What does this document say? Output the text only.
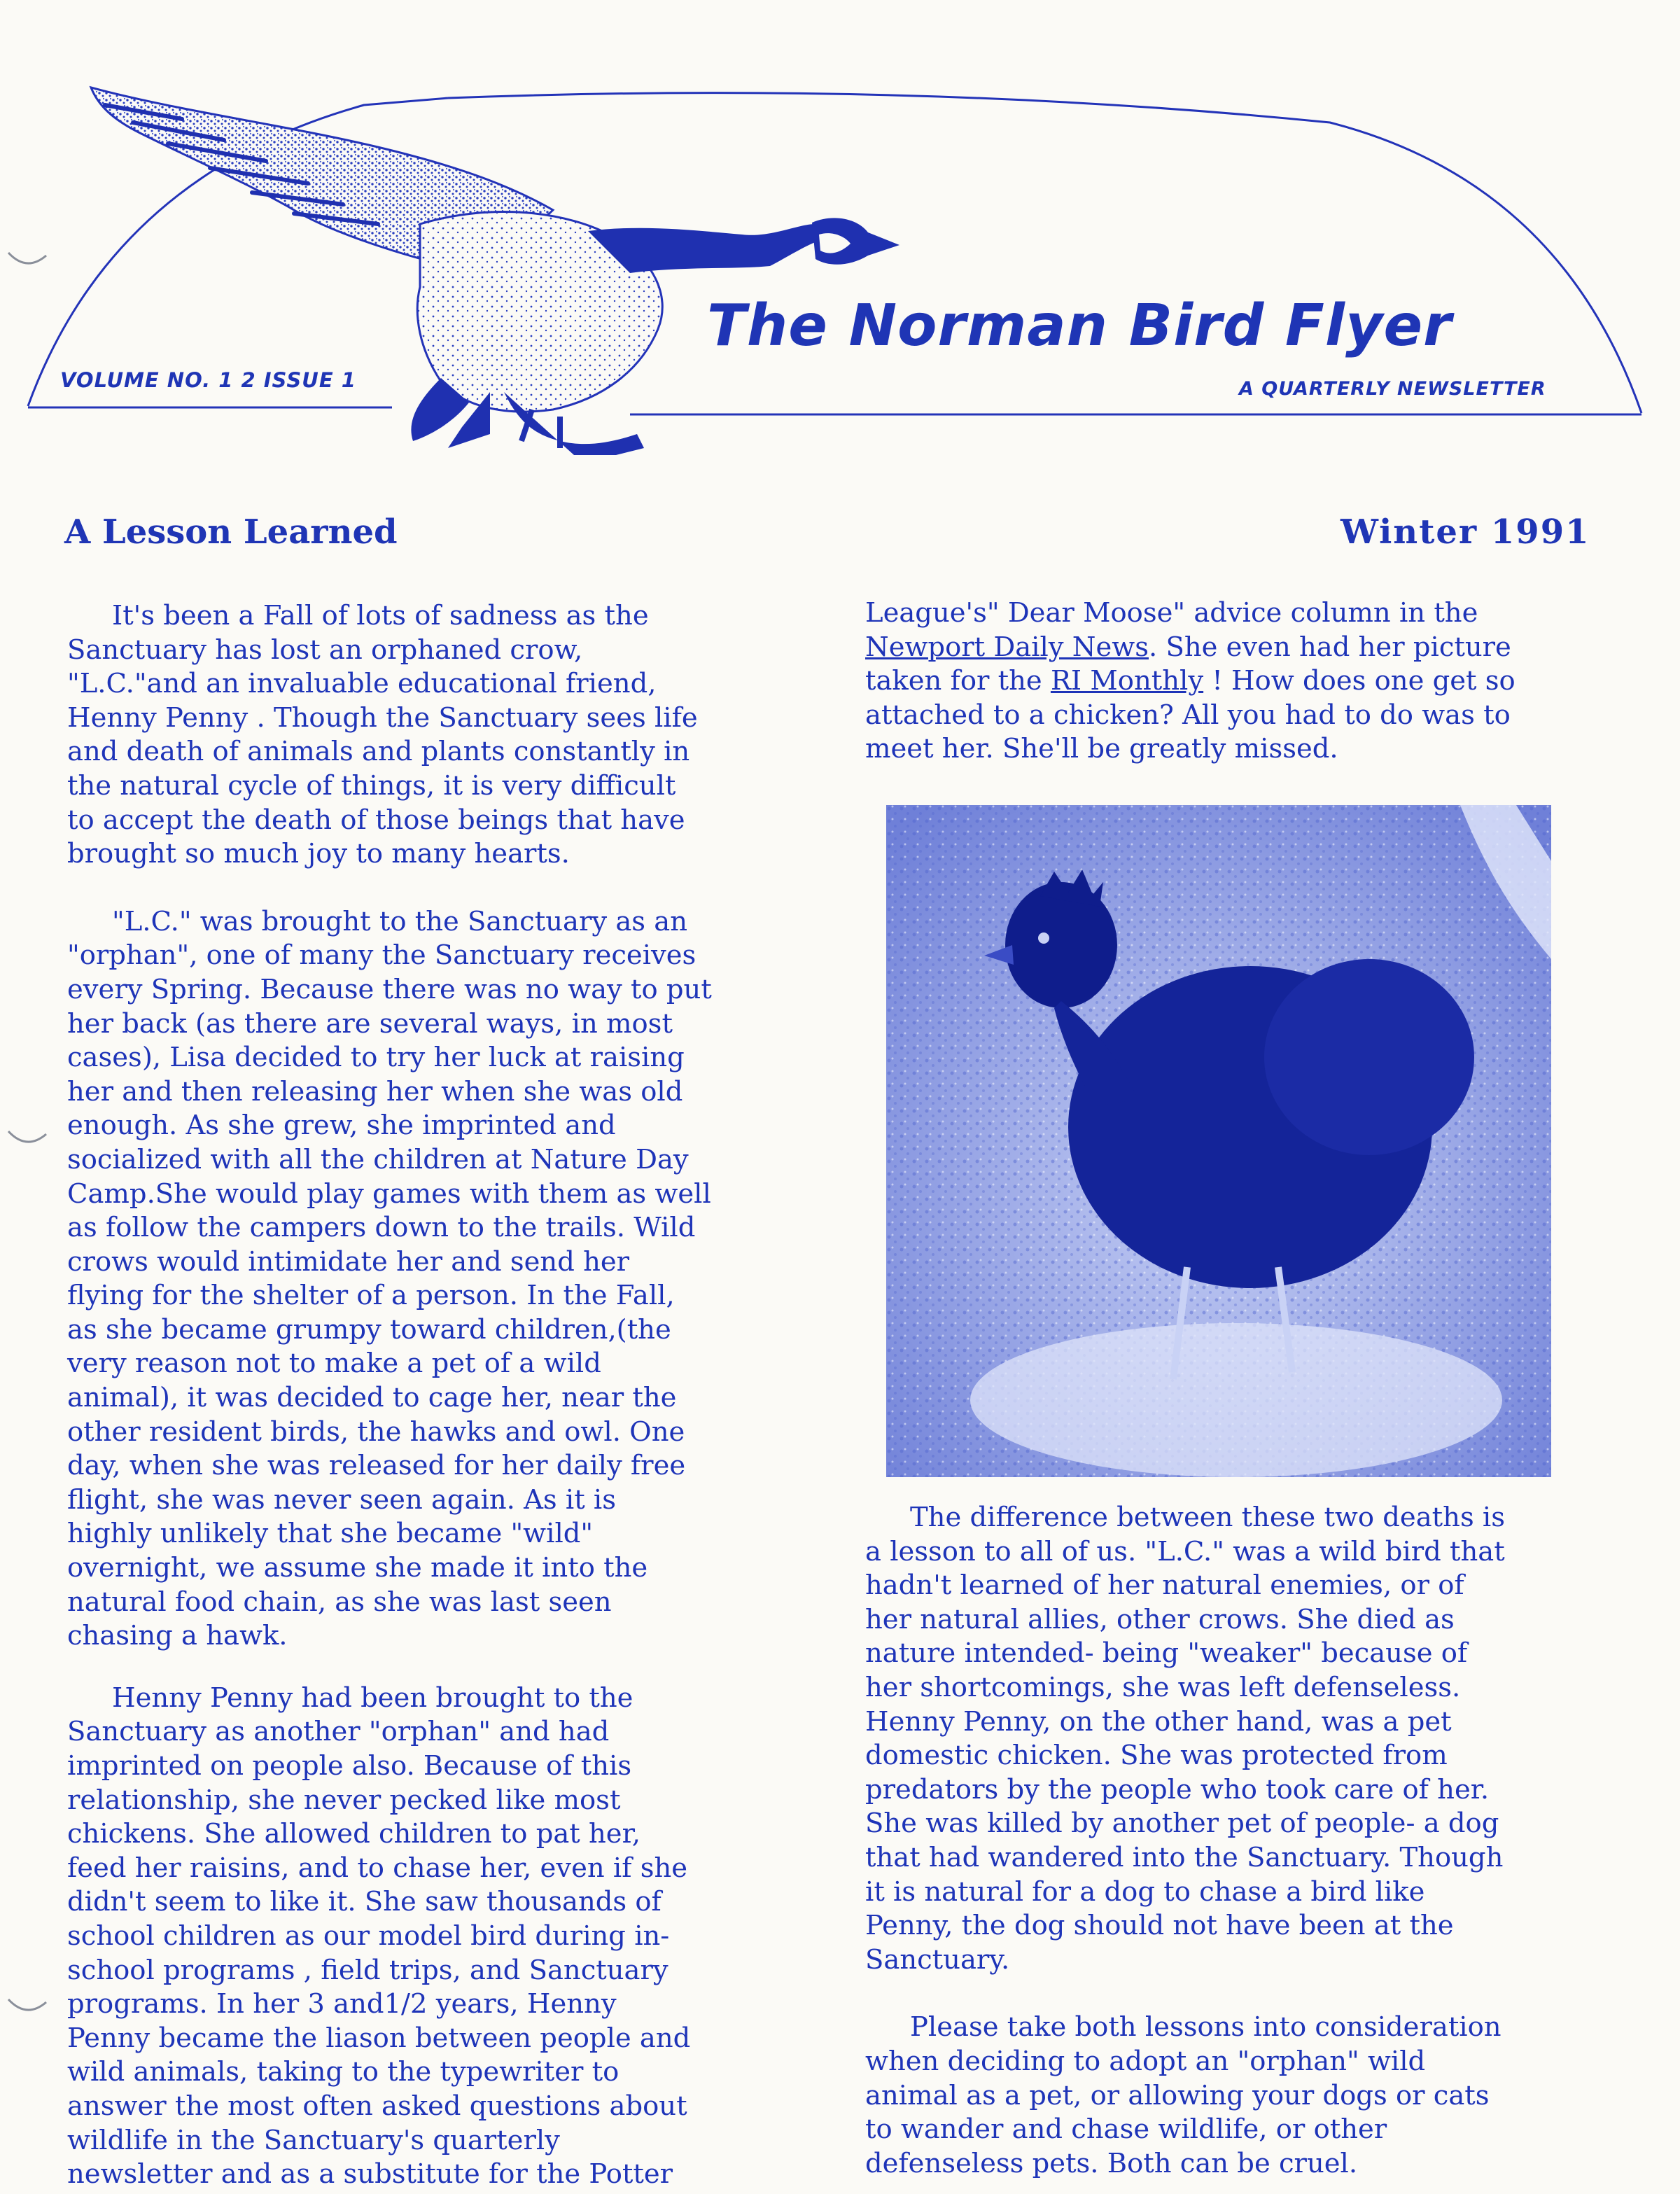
The Norman Bird Flyer
VOLUME NO. 1 2 ISSUE 1	A QUARTERLY NEWSLETTER
A Lesson Learned	Winter 1991

It's been a Fall of lots of sadness as the
Sanctuary has lost an orphaned crow,
"L.C."and an invaluable educational friend,
Henny Penny . Though the Sanctuary sees life
and death of animals and plants constantly in
the natural cycle of things, it is very difficult
to accept the death of those beings that have
brought so much joy to many hearts.

"L.C." was brought to the Sanctuary as an
"orphan", one of many the Sanctuary receives
every Spring. Because there was no way to put
her back (as there are several ways, in most
cases), Lisa decided to try her luck at raising
her and then releasing her when she was old
enough. As she grew, she imprinted and
socialized with all the children at Nature Day
Camp.She would play games with them as well
as follow the campers down to the trails. Wild
crows would intimidate her and send her
flying for the shelter of a person. In the Fall,
as she became grumpy toward children,(the
very reason not to make a pet of a wild
animal), it was decided to cage her, near the
other resident birds, the hawks and owl. One
day, when she was released for her daily free
flight, she was never seen again. As it is
highly unlikely that she became "wild"
overnight, we assume she made it into the
natural food chain, as she was last seen
chasing a hawk.

Henny Penny had been brought to the
Sanctuary as another "orphan" and had
imprinted on people also. Because of this
relationship, she never pecked like most
chickens. She allowed children to pat her,
feed her raisins, and to chase her, even if she
didn't seem to like it. She saw thousands of
school children as our model bird during in-
school programs , field trips, and Sanctuary
programs. In her 3 and1/2 years, Henny
Penny became the liason between people and
wild animals, taking to the typewriter to
answer the most often asked questions about
wildlife in the Sanctuary's quarterly
newsletter and as a substitute for the Potter

League's" Dear Moose" advice column in the
Newport Daily News. She even had her picture
taken for the RI Monthly ! How does one get so
attached to a chicken? All you had to do was to
meet her. She'll be greatly missed.

The difference between these two deaths is
a lesson to all of us. "L.C." was a wild bird that
hadn't learned of her natural enemies, or of
her natural allies, other crows. She died as
nature intended- being "weaker" because of
her shortcomings, she was left defenseless.
Henny Penny, on the other hand, was a pet
domestic chicken. She was protected from
predators by the people who took care of her.
She was killed by another pet of people- a dog
that had wandered into the Sanctuary. Though
it is natural for a dog to chase a bird like
Penny, the dog should not have been at the
Sanctuary.

Please take both lessons into consideration
when deciding to adopt an "orphan" wild
animal as a pet, or allowing your dogs or cats
to wander and chase wildlife, or other
defenseless pets. Both can be cruel.
